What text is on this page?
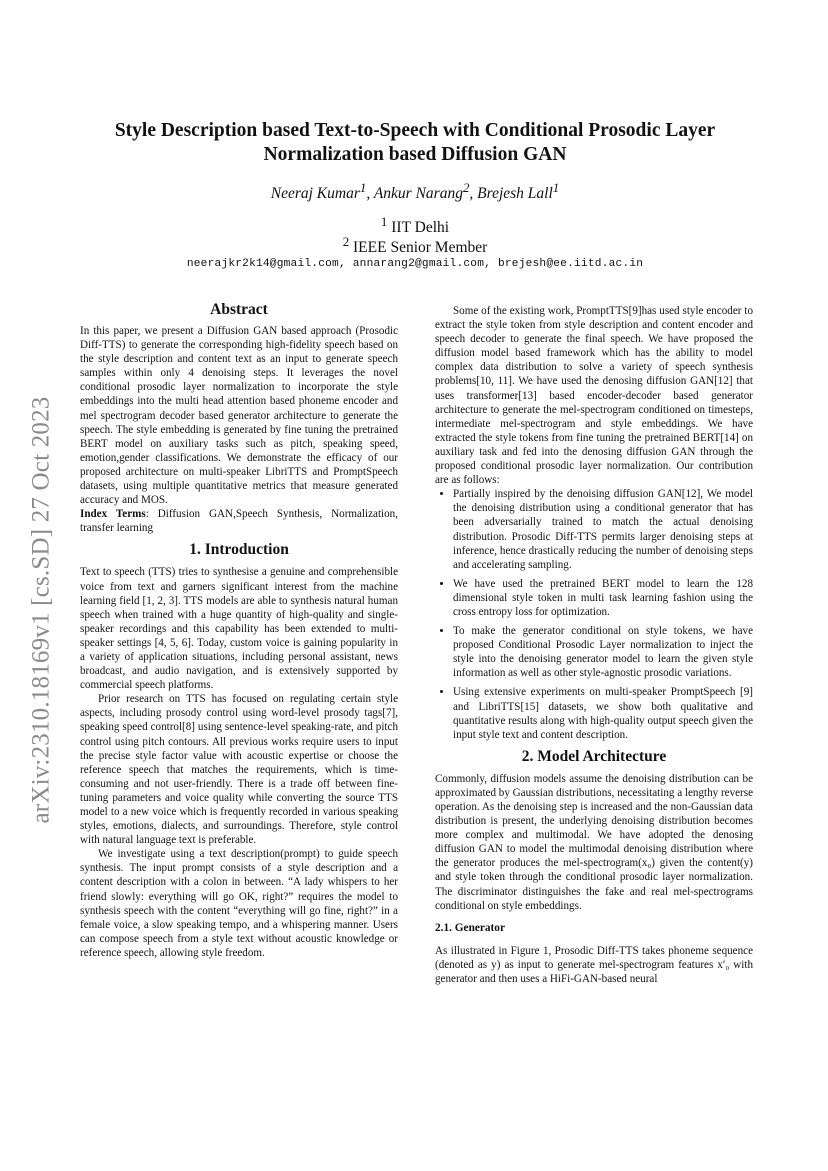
arXiv:2310.18169v1 [cs.SD] 27 Oct 2023
Style Description based Text-to-Speech with Conditional Prosodic Layer
Normalization based Diffusion GAN
Neeraj Kumar$^1$, Ankur Narang$^2$, Brejesh Lall$^1$
$^1$ IIT Delhi
$^2$ IEEE Senior Member
neerajkr2k14@gmail.com, annarang2@gmail.com, brejesh@ee.iitd.ac.in
Abstract

In this paper, we present a Diffusion GAN based approach (Prosodic Diff-TTS) to generate the corresponding high-fidelity speech based on the style description and content text as an input to generate speech samples within only 4 denoising steps. It leverages the novel conditional prosodic layer normalization to incorporate the style embeddings into the multi head attention based phoneme encoder and mel spectrogram decoder based generator architecture to generate the speech. The style embedding is generated by fine tuning the pretrained BERT model on auxiliary tasks such as pitch, speaking speed, emotion,gender classifications. We demonstrate the efficacy of our proposed architecture on multi-speaker LibriTTS and PromptSpeech datasets, using multiple quantitative metrics that measure generated accuracy and MOS.

Index Terms: Diffusion GAN,Speech Synthesis, Normalization, transfer learning

1. Introduction

Text to speech (TTS) tries to synthesise a genuine and comprehensible voice from text and garners significant interest from the machine learning field [1, 2, 3]. TTS models are able to synthesis natural human speech when trained with a huge quantity of high-quality and single-speaker recordings and this capability has been extended to multi-speaker settings [4, 5, 6]. Today, custom voice is gaining popularity in a variety of application situations, including personal assistant, news broadcast, and audio navigation, and is extensively supported by commercial speech platforms.

Prior research on TTS has focused on regulating certain style aspects, including prosody control using word-level prosody tags[7], speaking speed control[8] using sentence-level speaking-rate, and pitch control using pitch contours. All previous works require users to input the precise style factor value with acoustic expertise or choose the reference speech that matches the requirements, which is time-consuming and not user-friendly. There is a trade off between fine-tuning parameters and voice quality while converting the source TTS model to a new voice which is frequently recorded in various speaking styles, emotions, dialects, and surroundings. Therefore, style control with natural language text is preferable.

We investigate using a text description(prompt) to guide speech synthesis. The input prompt consists of a style description and a content description with a colon in between. “A lady whispers to her friend slowly: everything will go OK, right?” requires the model to synthesis speech with the content “everything will go fine, right?” in a female voice, a slow speaking tempo, and a whispering manner. Users can compose speech from a style text without acoustic knowledge or reference speech, allowing style freedom.

Some of the existing work, PromptTTS[9]has used style encoder to extract the style token from style description and content encoder and speech decoder to generate the final speech. We have proposed the diffusion model based framework which has the ability to model complex data distribution to solve a variety of speech synthesis problems[10, 11]. We have used the denosing diffusion GAN[12] that uses transformer[13] based encoder-decoder based generator architecture to generate the mel-spectrogram conditioned on timesteps, intermediate mel-spectrogram and style embeddings. We have extracted the style tokens from fine tuning the pretrained BERT[14] on auxiliary task and fed into the denosing diffusion GAN through the proposed conditional prosodic layer normalization. Our contribution are as follows:

• Partially inspired by the denoising diffusion GAN[12], We model the denoising distribution using a conditional generator that has been adversarially trained to match the actual denoising distribution. Prosodic Diff-TTS permits larger denoising steps at inference, hence drastically reducing the number of denoising steps and accelerating sampling.
• We have used the pretrained BERT model to learn the 128 dimensional style token in multi task learning fashion using the cross entropy loss for optimization.
• To make the generator conditional on style tokens, we have proposed Conditional Prosodic Layer normalization to inject the style into the denoising generator model to learn the given style information as well as other style-agnostic prosodic variations.
• Using extensive experiments on multi-speaker PromptSpeech [9] and LibriTTS[15] datasets, we show both qualitative and quantitative results along with high-quality output speech given the input style text and content description.
2. Model Architecture

Commonly, diffusion models assume the denoising distribution can be approximated by Gaussian distributions, necessitating a lengthy reverse operation. As the denoising step is increased and the non-Gaussian data distribution is present, the underlying denoising distribution becomes more complex and multimodal. We have adopted the denosing diffusion GAN to model the multimodal denoising distribution where the generator produces the mel-spectrogram(x₀) given the content(y) and style token through the conditional prosodic layer normalization. The discriminator distinguishes the fake and real mel-spectrograms conditional on style embeddings.

2.1. Generator

As illustrated in Figure 1, Prosodic Diff-TTS takes phoneme sequence (denoted as y) as input to generate mel-spectrogram features x′₀ with generator and then uses a HiFi-GAN-based neural
